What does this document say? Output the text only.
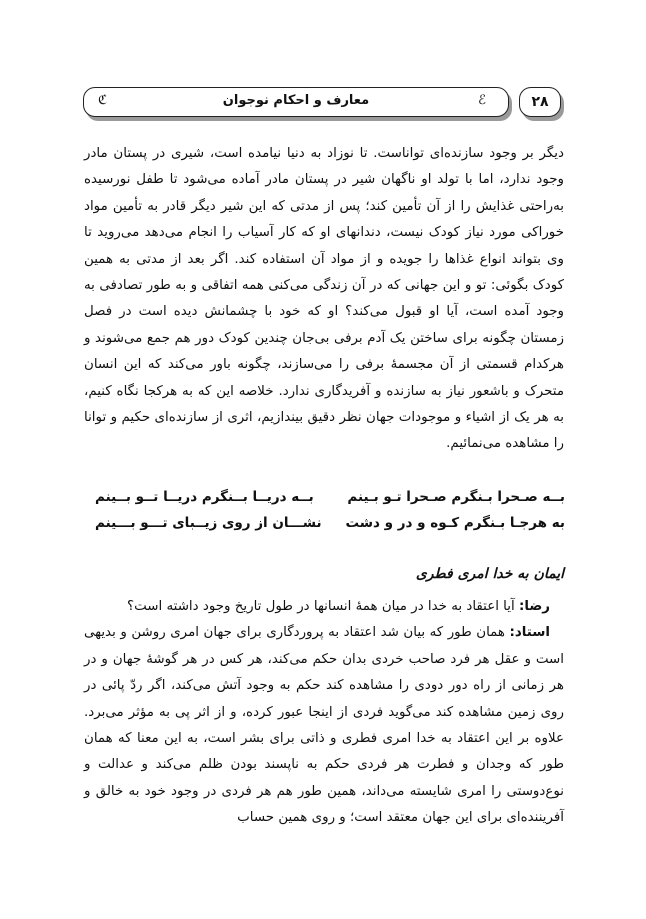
ℰ
معارف و احکام نوجوان
ℭ	۲۸

دیگر بر وجود سازنده‌ای تواناست. تا نوزاد به دنیا نیامده است، شیری در پستان مادر وجود ندارد، اما با تولد او ناگهان شیر در پستان مادر آماده می‌شود تا طفل نورسیده به‌راحتی غذایش را از آن تأمین کند؛ پس از مدتی که این شیر دیگر قادر به تأمین مواد خوراکی مورد نیاز کودک نیست، دندانهای او که کار آسیاب را انجام می‌دهد می‌روید تا وی بتواند انواع غذاها را جویده و از مواد آن استفاده کند. اگر بعد از مدتی به همین کودک بگوئی: تو و این جهانی که در آن زندگی می‌کنی همه اتفاقی و به طور تصادفی به وجود آمده است، آیا او قبول می‌کند؟ او که خود با چشمانش دیده است در فصل زمستان چگونه برای ساختن یک آدم برفی بی‌جان چندین کودک دور هم جمع می‌شوند و هرکدام قسمتی از آن مجسمهٔ برفی را می‌سازند، چگونه باور می‌کند که این انسان متحرک و باشعور نیاز به سازنده و آفریدگاری ندارد. خلاصه این که به هرکجا نگاه کنیم، به هر یک از اشیاء و موجودات جهان نظر دقیق بیندازیم، اثری از سازنده‌ای حکیم و توانا را مشاهده می‌نمائیم.

بــه صـحرا بـنگرم صـحرا تـو بـینم
بــه دریــا بــنگرم دریــا تــو بــینم
به هرجـا بـنگرم کـوه و در و دشت
نشـــان از روی زیــبای تـــو بـــینم
ایمان به خدا امری فطری

رضا: آیا اعتقاد به خدا در میان همهٔ انسانها در طول تاریخ وجود داشته است؟

استاد: همان طور که بیان شد اعتقاد به پروردگاری برای جهان امری روشن و بدیهی است و عقل هر فرد صاحب خردی بدان حکم می‌کند، هر کس در هر گوشهٔ جهان و در هر زمانی از راه دور دودی را مشاهده کند حکم به وجود آتش می‌کند، اگر ردّ پائی در روی زمین مشاهده کند می‌گوید فردی از اینجا عبور کرده، و از اثر پی به مؤثر می‌برد. علاوه بر این اعتقاد به خدا امری فطری و ذاتی برای بشر است، به این معنا که همان طور که وجدان و فطرت هر فردی حکم به ناپسند بودن ظلم می‌کند و عدالت و نوع‌دوستی را امری شایسته می‌داند، همین طور هم هر فردی در وجود خود به خالق و آفریننده‌ای برای این جهان معتقد است؛ و روی همین حساب
